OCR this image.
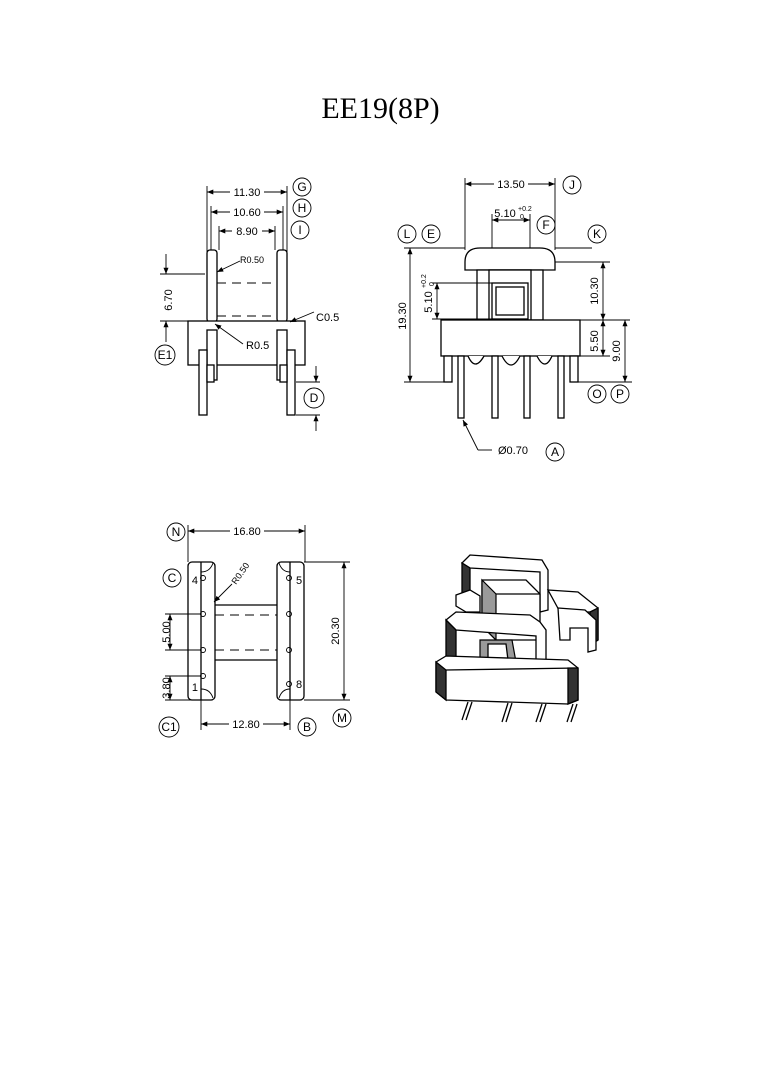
EE19(8P)
11.30
10.60
8.90
G
H
I
R0.50
R0.5
C0.5
6.70
E1
D
13.50	J
5.10 +0.2
0
F
L E	K
5.10
+0.2 0
19.30
10.30
5.50 9.00
O P
Ø0.70 A
16.80
N
4
1
5
8
R0.50
20.30
5.00
3.80
12.80
C
C1	B
M
